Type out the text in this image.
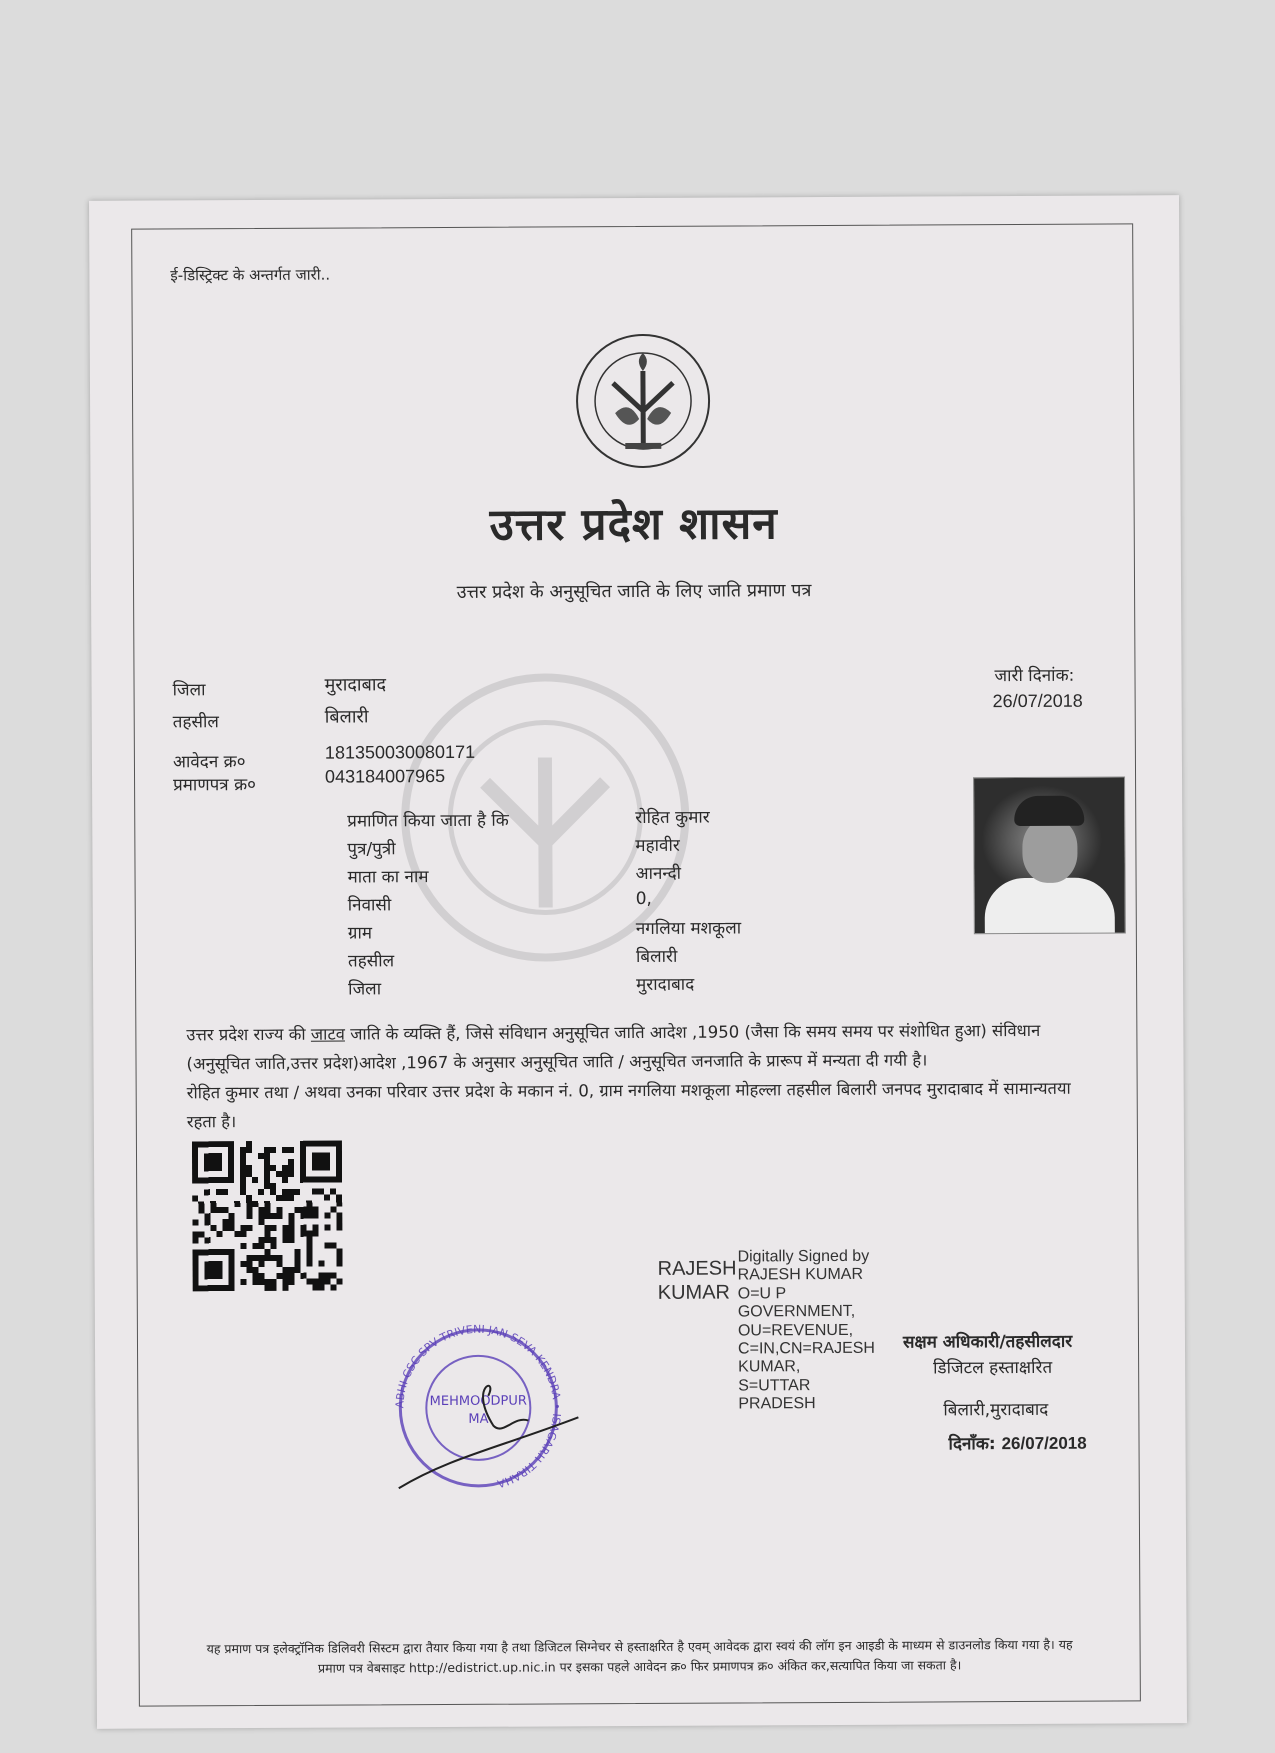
ई-डिस्ट्रिक्ट के अन्तर्गत जारी..
उत्तर प्रदेश शासन
उत्तर प्रदेश के अनुसूचित जाति के लिए जाति प्रमाण पत्र
जिला	मुरादाबाद
तहसील	बिलारी
आवेदन क्र०	181350030080171
प्रमाणपत्र क्र०	043184007965
जारी दिनांक:
26/07/2018
प्रमाणित किया जाता है कि	रोहित कुमार
पुत्र/पुत्री	महावीर
माता का नाम	आनन्दी
निवासी	0,
ग्राम	नगलिया मशकूला
तहसील	बिलारी
जिला	मुरादाबाद
उत्तर प्रदेश राज्य की जाटव जाति के व्यक्ति हैं, जिसे संविधान अनुसूचित जाति आदेश ,1950 (जैसा कि समय समय पर संशोधित हुआ) संविधान (अनुसूचित जाति,उत्तर प्रदेश)आदेश ,1967 के अनुसार अनुसूचित जाति / अनुसूचित जनजाति के प्रारूप में मन्यता दी गयी है।
रोहित कुमार तथा / अथवा उनका परिवार उत्तर प्रदेश के मकान नं. 0, ग्राम नगलिया मशकूला मोहल्ला तहसील बिलारी जनपद मुरादाबाद में सामान्यतया रहता है।
RAJESH
KUMAR
Digitally Signed by
RAJESH KUMAR
O=U P
GOVERNMENT,
OU=REVENUE,
C=IN,CN=RAJESH
KUMAR,
S=UTTAR
PRADESH
सक्षम अधिकारी/तहसीलदार
डिजिटल हस्ताक्षरित
बिलारी,मुरादाबाद
दिनाँक: 26/07/2018
ABHI CSC SPV TRIVENI JAN SEVA KENDRA • ISAGARH TIRAHA
MEHMOODPUR
MA
यह प्रमाण पत्र इलेक्ट्रॉनिक डिलिवरी सिस्टम द्वारा तैयार किया गया है तथा डिजिटल सिग्नेचर से हस्ताक्षरित है एवम् आवेदक द्वारा स्वयं की लॉग इन आइडी के माध्यम से डाउनलोड किया गया है। यह प्रमाण पत्र वेबसाइट http://edistrict.up.nic.in पर इसका पहले आवेदन क्र० फिर प्रमाणपत्र क्र० अंकित कर,सत्यापित किया जा सकता है।
